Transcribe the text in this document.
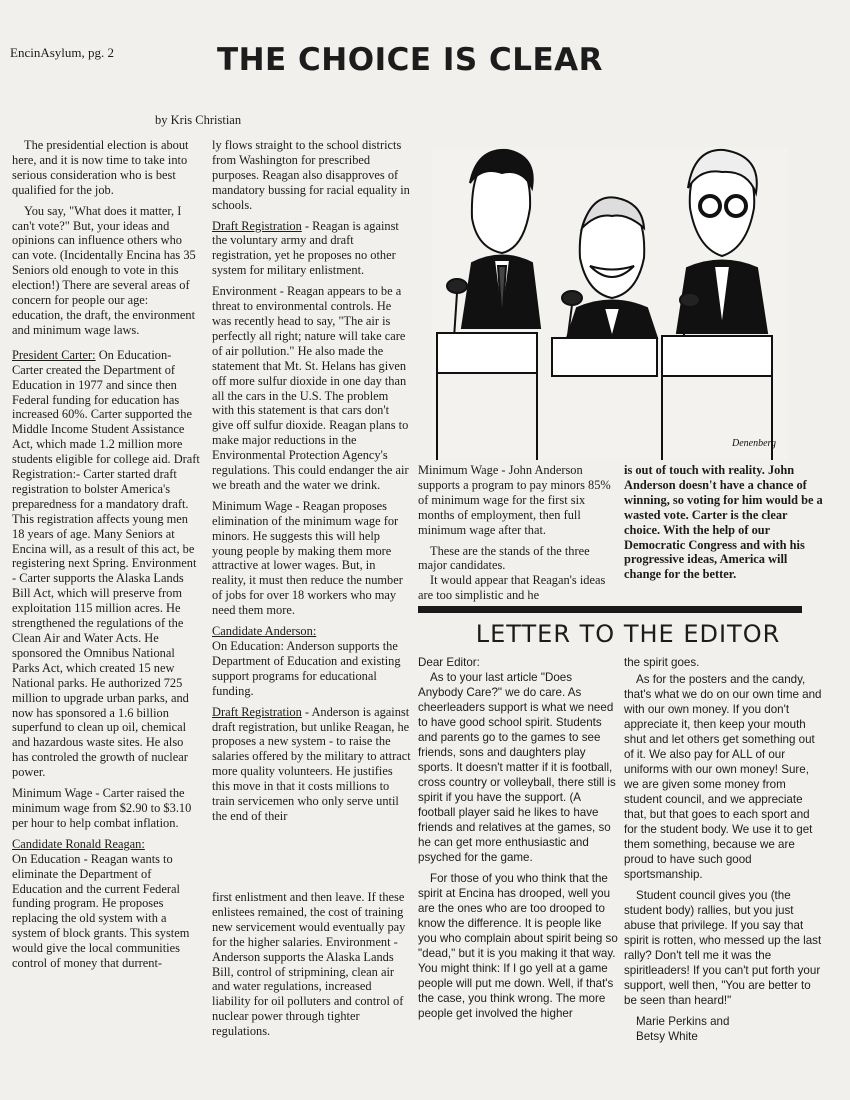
EncinAsylum, pg. 2	THE CHOICE IS CLEAR
by Kris Christian

The presidential election is about here, and it is now time to take into serious consideration who is best qualified for the job.

You say, "What does it matter, I can't vote?" But, your ideas and opinions can influence others who can vote. (Incidentally Encina has 35 Seniors old enough to vote in this election!) There are several areas of concern for people our age: education, the draft, the environment and minimum wage laws.

President Carter: On Education- Carter created the Department of Education in 1977 and since then Federal funding for education has increased 60%. Carter supported the Middle Income Student Assistance Act, which made 1.2 million more students eligible for college aid. Draft Registration:- Carter started draft registration to bolster America's preparedness for a mandatory draft. This registration affects young men 18 years of age. Many Seniors at Encina will, as a result of this act, be registering next Spring. Environment - Carter supports the Alaska Lands Bill Act, which will preserve from exploitation 115 million acres. He strengthened the regulations of the Clean Air and Water Acts. He sponsored the Omnibus National Parks Act, which created 15 new National parks. He authorized 725 million to upgrade urban parks, and now has sponsored a 1.6 billion superfund to clean up oil, chemical and hazardous waste sites. He also has controled the growth of nuclear power.

Minimum Wage - Carter raised the minimum wage from $2.90 to $3.10 per hour to help combat inflation.

Candidate Ronald Reagan:

On Education - Reagan wants to eliminate the Department of Education and the current Federal funding program. He proposes replacing the old system with a system of block grants. This system would give the local communities control of money that durrent-

ly flows straight to the school districts from Washington for prescribed purposes. Reagan also disapproves of mandatory bussing for racial equality in schools.

Draft Registration - Reagan is against the voluntary army and draft registration, yet he proposes no other system for military enlistment.

Environment - Reagan appears to be a threat to environmental controls. He was recently head to say, "The air is perfectly all right; nature will take care of air pollution." He also made the statement that Mt. St. Helans has given off more sulfur dioxide in one day than all the cars in the U.S. The problem with this statement is that cars don't give off sulfur dioxide. Reagan plans to make major reductions in the Environmental Protection Agency's regulations. This could endanger the air we breath and the water we drink.

Minimum Wage - Reagan proposes elimination of the minimum wage for minors. He suggests this will help young people by making them more attractive at lower wages. But, in reality, it must then reduce the number of jobs for over 18 workers who may need them more.

Candidate Anderson:

On Education: Anderson supports the Department of Education and existing support programs for educational funding.

Draft Registration - Anderson is against draft registration, but unlike Reagan, he proposes a new system - to raise the salaries offered by the military to attract more quality volunteers. He justifies this move in that it costs millions to train servicemen who only serve until the end of their

first enlistment and then leave. If these enlistees remained, the cost of training new servicement would eventually pay for the higher salaries. Environment - Anderson supports the Alaska Lands Bill, control of stripmining, clean air and water regulations, increased liability for oil polluters and control of nuclear power through tighter regulations.

Denenberg

Minimum Wage - John Anderson supports a program to pay minors 85% of minimum wage for the first six months of employment, then full minimum wage after that.

These are the stands of the three major candidates.

It would appear that Reagan's ideas are too simplistic and he

is out of touch with reality. John Anderson doesn't have a chance of winning, so voting for him would be a wasted vote. Carter is the clear choice. With the help of our Democratic Congress and with his progressive ideas, America will change for the better.

LETTER TO THE EDITOR

Dear Editor:

As to your last article "Does Anybody Care?" we do care. As cheerleaders support is what we need to have good school spirit. Students and parents go to the games to see friends, sons and daughters play sports. It doesn't matter if it is football, cross country or volleyball, there still is spirit if you have the support. (A football player said he likes to have friends and relatives at the games, so he can get more enthusiastic and psyched for the game.

For those of you who think that the spirit at Encina has drooped, well you are the ones who are too drooped to know the difference. It is people like you who complain about spirit being so "dead," but it is you making it that way. You might think: If I go yell at a game people will put me down. Well, if that's the case, you think wrong. The more people get involved the higher

the spirit goes.

As for the posters and the candy, that's what we do on our own time and with our own money. If you don't appreciate it, then keep your mouth shut and let others get something out of it. We also pay for ALL of our uniforms with our own money! Sure, we are given some money from student council, and we appreciate that, but that goes to each sport and for the student body. We use it to get them something, because we are proud to have such good sportsmanship.

Student council gives you (the student body) rallies, but you just abuse that privilege. If you say that spirit is rotten, who messed up the last rally? Don't tell me it was the spiritleaders! If you can't put forth your support, well then, "You are better to be seen than heard!"

Marie Perkins and

Betsy White
